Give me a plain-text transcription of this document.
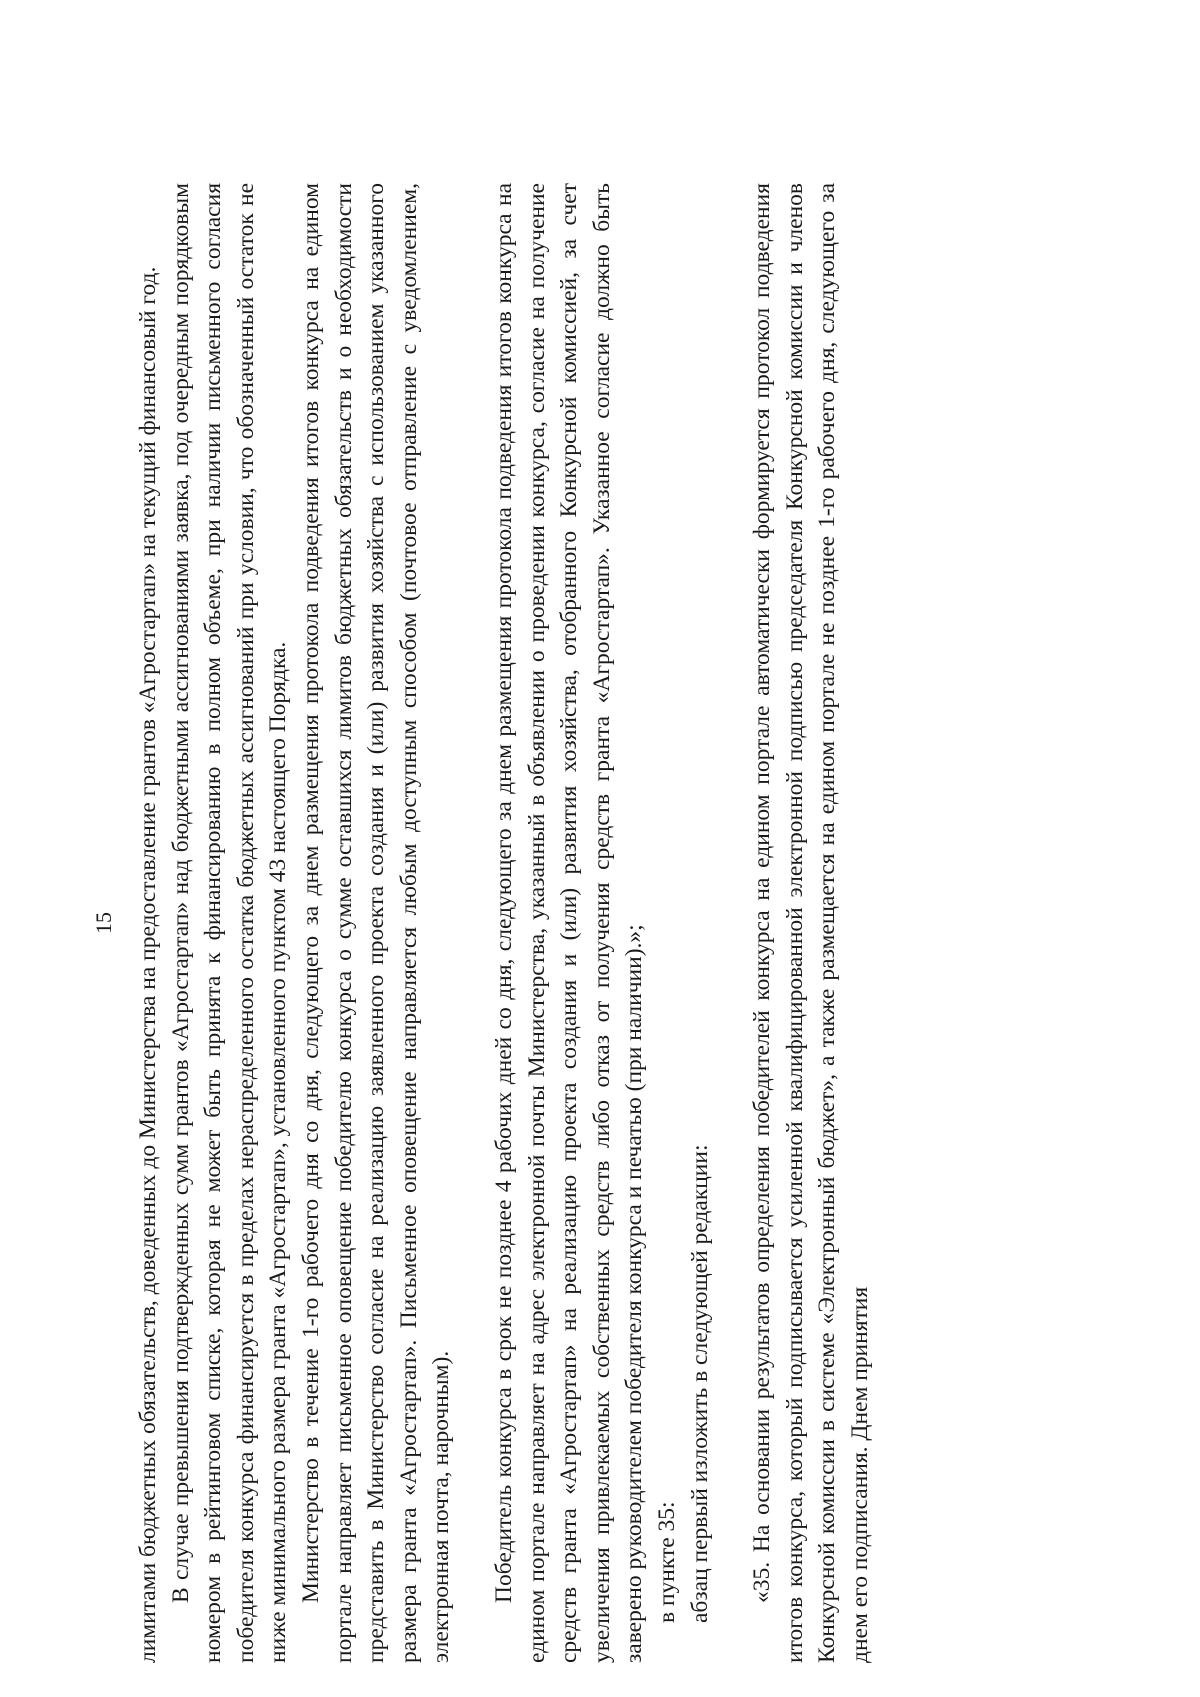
15 лимитами бюджетных обязательств, доведенных до Министерства на предоставление грантов «Агростартап» на текущий финансовый год. В случае превышения подтвержденных сумм грантов «Агростартап» над бюджетными ассигнованиями заявка, под очередным порядковым номером в рейтинговом списке, которая не может быть принята к финансированию в полном объеме, при наличии письменного согласия победителя конкурса финансируется в пределах нераспределенного остатка бюджетных ассигнований при условии, что обозначенный остаток не ниже минимального размера гранта «Агростартап», установленного пунктом 43 настоящего Порядка. Министерство в течение 1-го рабочего дня со дня, следующего за днем размещения протокола подведения итогов конкурса на едином портале направляет письменное оповещение победителю конкурса о сумме оставшихся лимитов бюджетных обязательств и о необходимости представить в Министерство согласие на реализацию заявленного проекта создания и (или) развития хозяйства с использованием указанного размера гранта «Агростартап». Письменное оповещение направляется любым доступным способом (почтовое отправление с уведомлением, электронная почта, нарочным). Победитель конкурса в срок не позднее 4 рабочих дней со дня, следующего за днем размещения протокола подведения итогов конкурса на едином портале направляет на адрес электронной почты Министерства, указанный в объявлении о проведении конкурса, согласие на получение средств гранта «Агростартап» на реализацию проекта создания и (или) развития хозяйства, отобранного Конкурсной комиссией, за счет увеличения привлекаемых собственных средств либо отказ от получения средств гранта «Агростартап». Указанное согласие должно быть заверено руководителем победителя конкурса и печатью (при наличии).»; в пункте 35: абзац первый изложить в следующей редакции: «35. На основании результатов определения победителей конкурса на едином портале автоматически формируется протокол подведения итогов конкурса, который подписывается усиленной квалифицированной электронной подписью председателя Конкурсной комиссии и членов Конкурсной комиссии в системе «Электронный бюджет», а также размещается на едином портале не позднее 1-го рабочего дня, следующего за днем его подписания. Днем принятия
